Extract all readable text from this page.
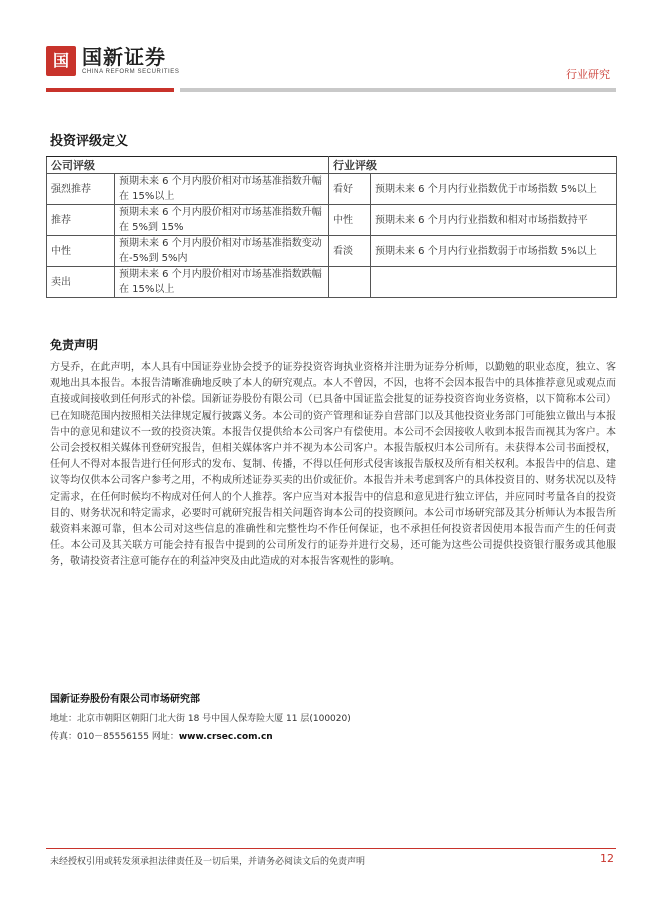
国 国新证券
CHINA REFORM SECURITIES	行业研究
投资评级定义
公司评级		行业评级	
强烈推荐	预期未来 6 个月内股价相对市场基准指数升幅在 15%以上	看好	预期未来 6 个月内行业指数优于市场指数 5%以上
推荐	预期未来 6 个月内股价相对市场基准指数升幅在 5%到 15%	中性	预期未来 6 个月内行业指数和相对市场指数持平
中性	预期未来 6 个月内股价相对市场基准指数变动在-5%到 5%内	看淡	预期未来 6 个月内行业指数弱于市场指数 5%以上
卖出	预期未来 6 个月内股价相对市场基准指数跌幅在 15%以上		
免责声明

方旻乔，在此声明，本人具有中国证券业协会授予的证券投资咨询执业资格并注册为证券分析师，以勤勉的职业态度，独立、客观地出具本报告。本报告清晰准确地反映了本人的研究观点。本人不曾因，不因，也将不会因本报告中的具体推荐意见或观点而直接或间接收到任何形式的补偿。国新证券股份有限公司（已具备中国证监会批复的证券投资咨询业务资格，以下简称本公司）已在知晓范围内按照相关法律规定履行披露义务。本公司的资产管理和证券自营部门以及其他投资业务部门可能独立做出与本报告中的意见和建议不一致的投资决策。本报告仅提供给本公司客户有偿使用。本公司不会因接收人收到本报告而视其为客户。本公司会授权相关媒体刊登研究报告，但相关媒体客户并不视为本公司客户。本报告版权归本公司所有。未获得本公司书面授权，任何人不得对本报告进行任何形式的发布、复制、传播，不得以任何形式侵害该报告版权及所有相关权利。本报告中的信息、建议等均仅供本公司客户参考之用，不构成所述证券买卖的出价或征价。本报告并未考虑到客户的具体投资目的、财务状况以及特定需求，在任何时候均不构成对任何人的个人推荐。客户应当对本报告中的信息和意见进行独立评估，并应同时考量各自的投资目的、财务状况和特定需求，必要时可就研究报告相关问题咨询本公司的投资顾问。本公司市场研究部及其分析师认为本报告所载资料来源可靠，但本公司对这些信息的准确性和完整性均不作任何保证，也不承担任何投资者因使用本报告而产生的任何责任。本公司及其关联方可能会持有报告中提到的公司所发行的证券并进行交易，还可能为这些公司提供投资银行服务或其他服务，敬请投资者注意可能存在的利益冲突及由此造成的对本报告客观性的影响。

国新证券股份有限公司市场研究部
地址：北京市朝阳区朝阳门北大街 18 号中国人保寿险大厦 11 层(100020)
传真：010－85556155 网址：www.crsec.com.cn
未经授权引用或转发须承担法律责任及一切后果，并请务必阅读文后的免责声明	12
